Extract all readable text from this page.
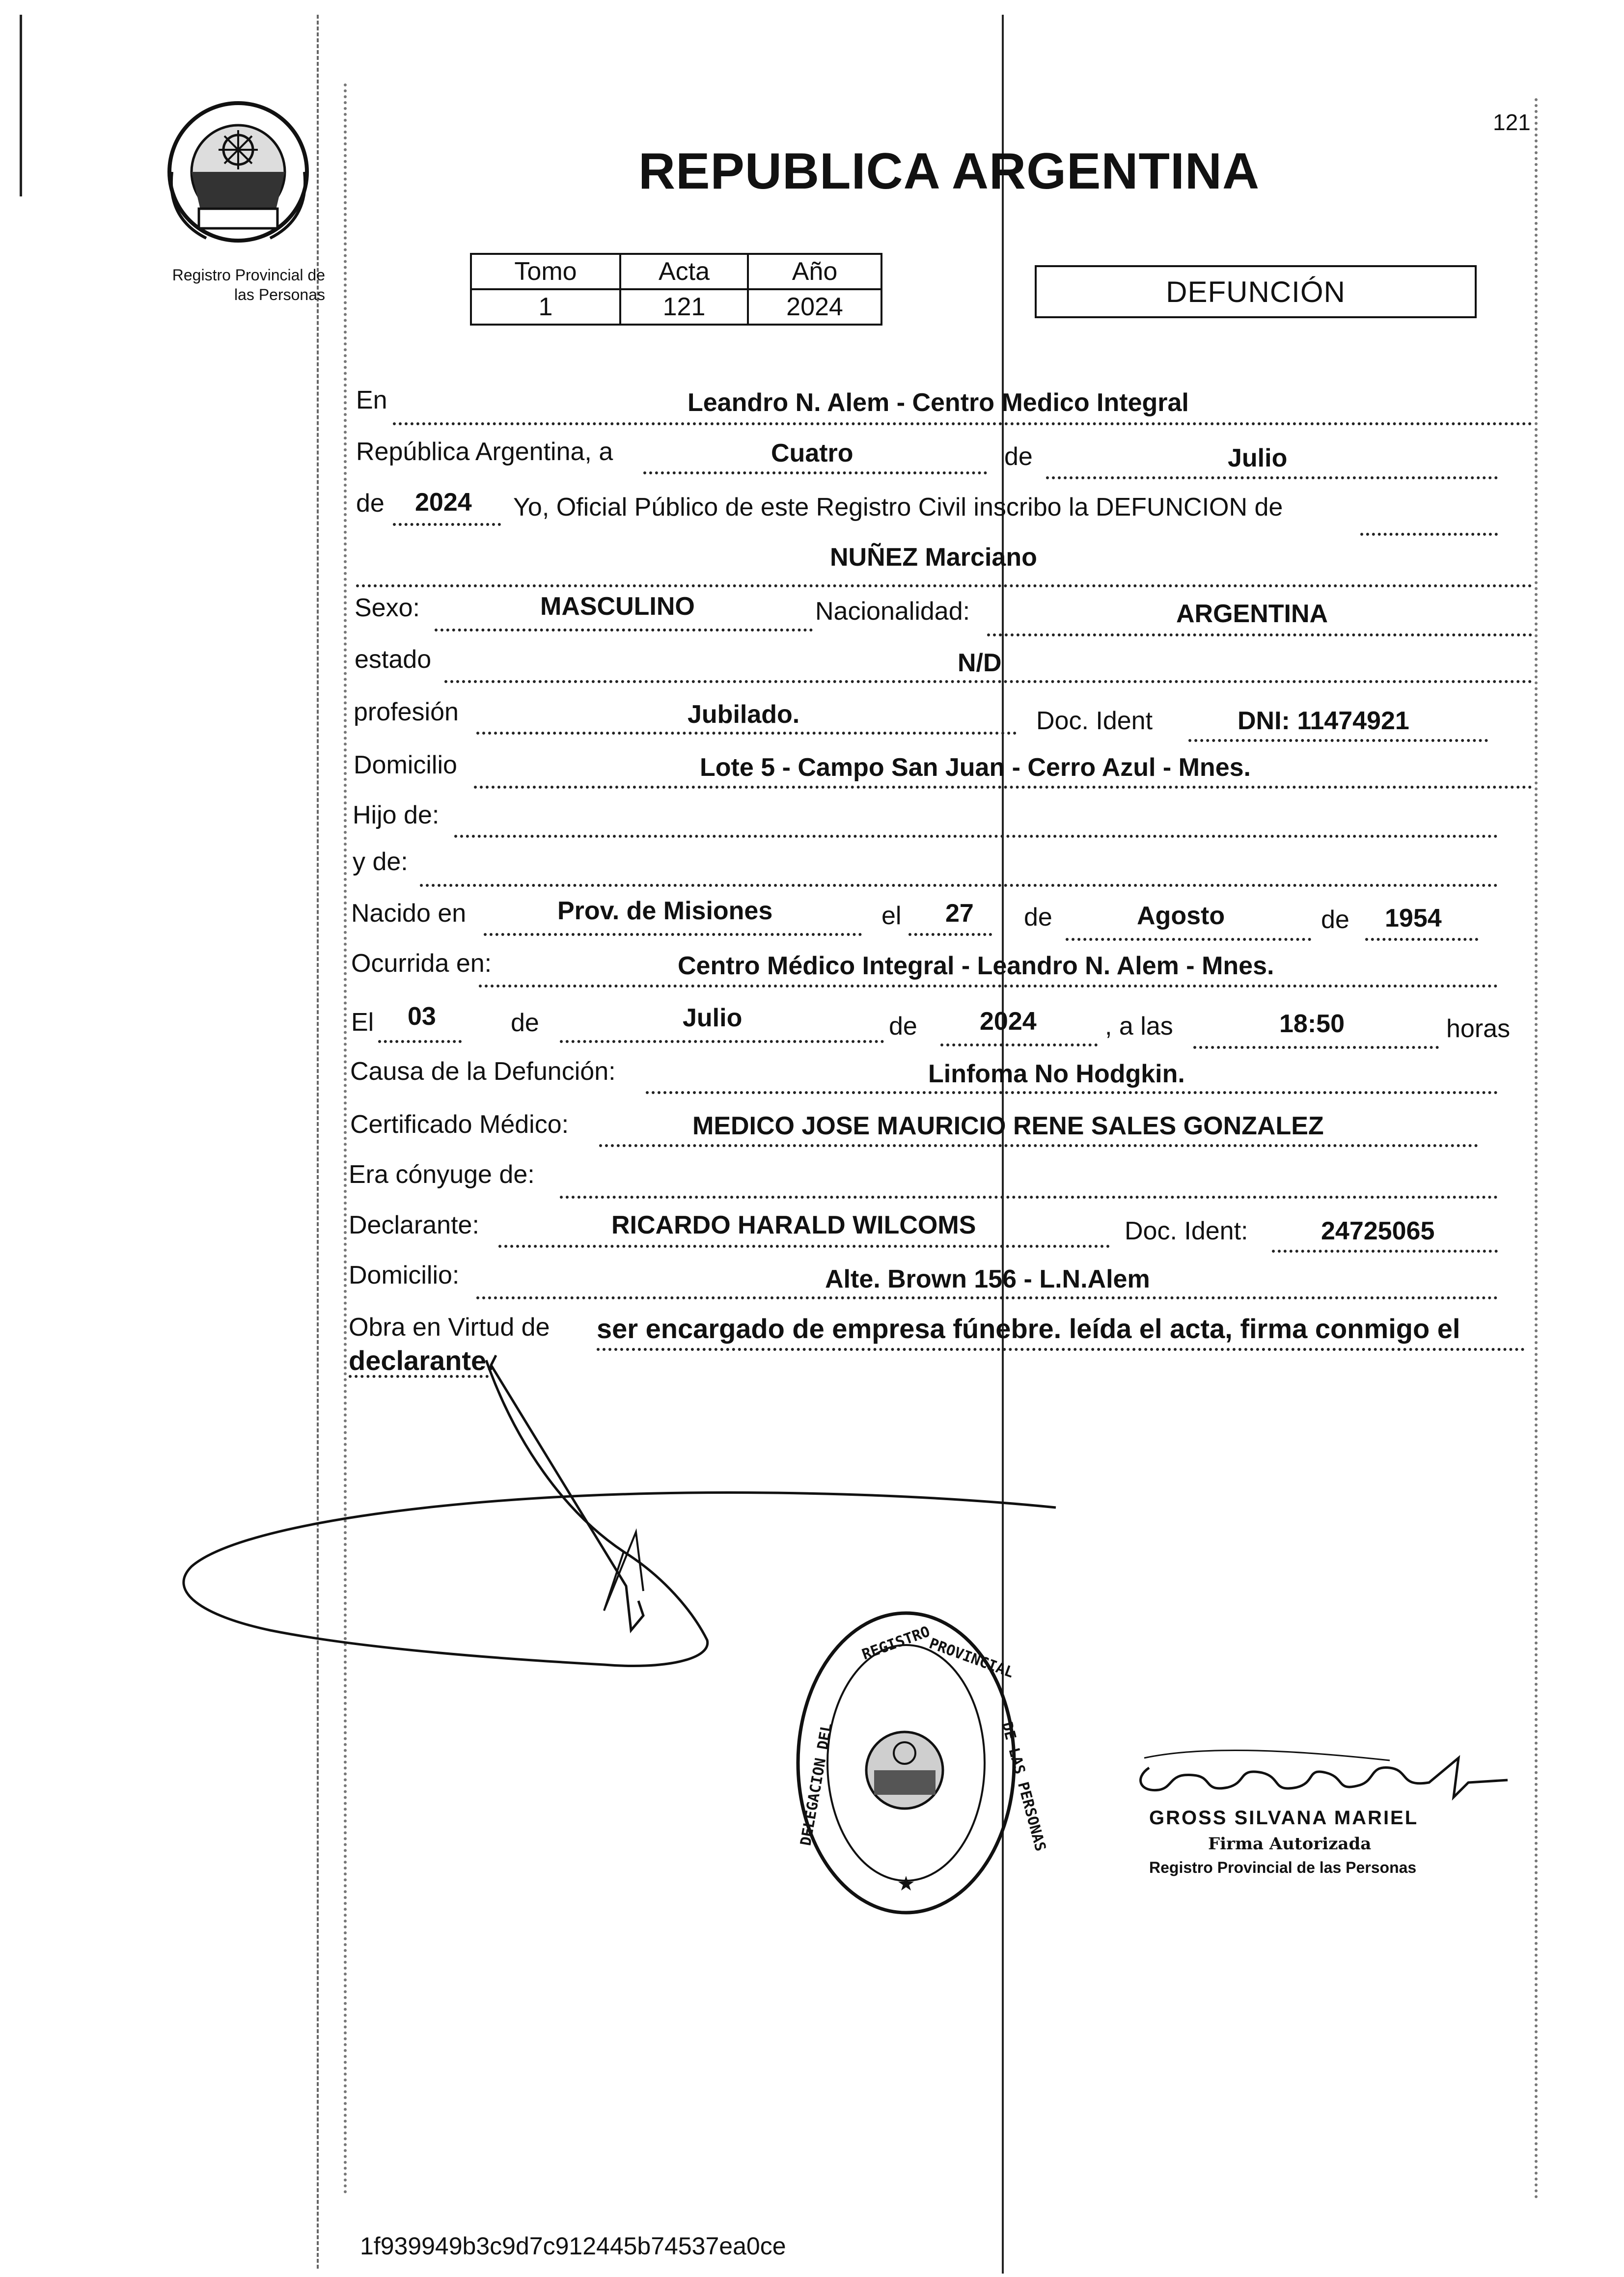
Registro Provincial de
las Personas
121
REPUBLICA ARGENTINA
Tomo	Acta	Año
1	121	2024	DEFUNCIÓN
En	Leandro N. Alem - Centro Medico Integral
República Argentina, a	Cuatro	de	Julio
de 2024 Yo, Oficial Público de este Registro Civil inscribo la DEFUNCION de
NUÑEZ Marciano
Sexo:	MASCULINO	Nacionalidad:	ARGENTINA
estado	N/D
profesión	Jubilado.	Doc. Ident	DNI: 11474921
Domicilio	Lote 5 - Campo San Juan - Cerro Azul - Mnes.
Hijo de:
y de:
Nacido en	Prov. de Misiones	el 27 de	Agosto	de 1954
Ocurrida en:	Centro Médico Integral - Leandro N. Alem - Mnes.
El 03	de	Julio	de 2024	, a las	18:50	horas
Causa de la Defunción:	Linfoma No Hodgkin.
Certificado Médico:	MEDICO JOSE MAURICIO RENE SALES GONZALEZ
Era cónyuge de:
Declarante:	RICARDO HARALD WILCOMS	Doc. Ident:	24725065
Domicilio:	Alte. Brown 156 - L.N.Alem
Obra en Virtud de ser encargado de empresa fúnebre. leída el acta, firma conmigo el
declarante.
REGISTRO
PROVINCIAL
DELEGACION DEL	DE LAS PERSONAS	GROSS SILVANA MARIEL
Firma Autorizada
Registro Provincial de las Personas
1f939949b3c9d7c912445b74537ea0ce
